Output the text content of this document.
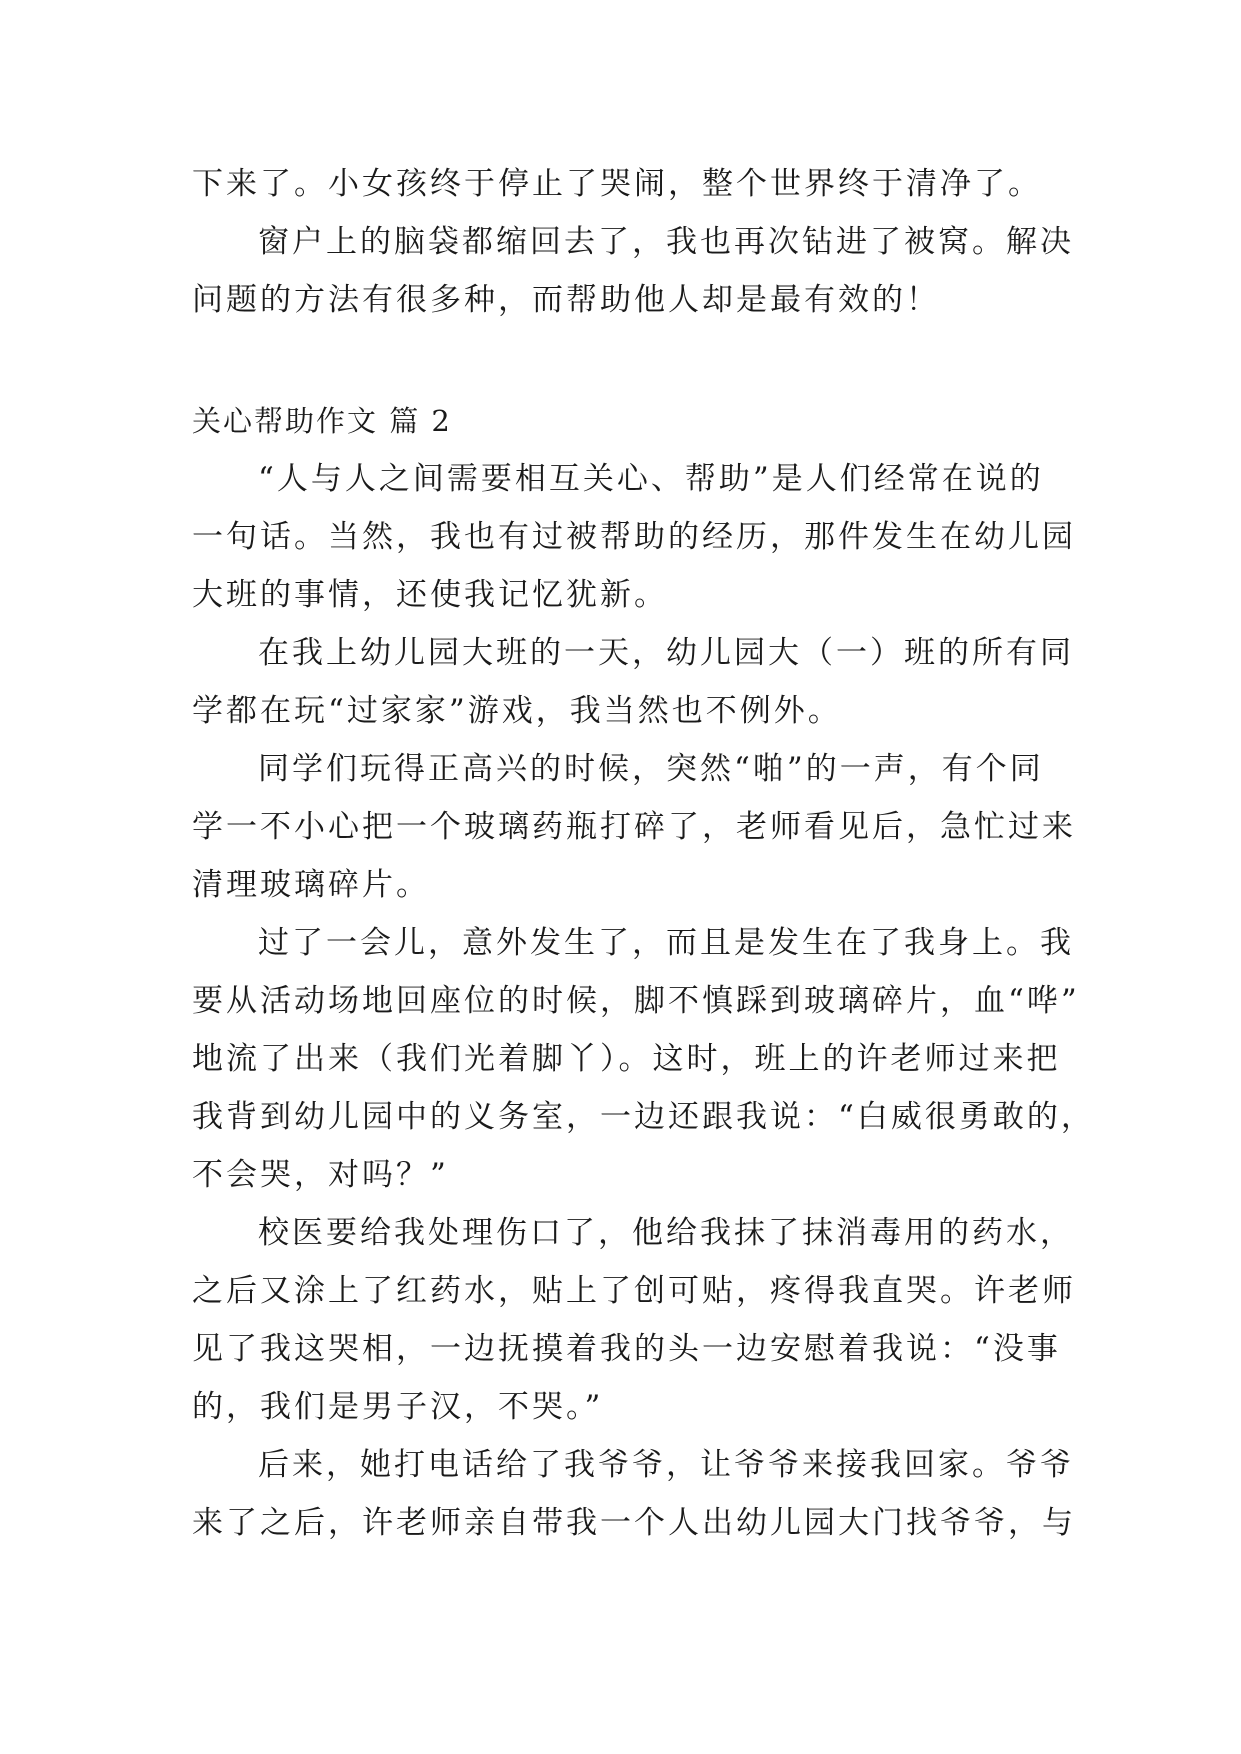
下来了。小女孩终于停止了哭闹，整个世界终于清净了。
窗户上的脑袋都缩回去了，我也再次钻进了被窝。解决
问题的方法有很多种，而帮助他人却是最有效的！
关心帮助作文 篇 2
“人与人之间需要相互关心、帮助”是人们经常在说的
一句话。当然，我也有过被帮助的经历，那件发生在幼儿园
大班的事情，还使我记忆犹新。
在我上幼儿园大班的一天，幼儿园大（一）班的所有同
学都在玩“过家家”游戏，我当然也不例外。
同学们玩得正高兴的时候，突然“啪”的一声，有个同
学一不小心把一个玻璃药瓶打碎了，老师看见后，急忙过来
清理玻璃碎片。
过了一会儿，意外发生了，而且是发生在了我身上。我
要从活动场地回座位的时候，脚不慎踩到玻璃碎片，血“哗”
地流了出来（我们光着脚丫）。这时，班上的许老师过来把
我背到幼儿园中的义务室，一边还跟我说：“白威很勇敢的，
不会哭，对吗？”
校医要给我处理伤口了，他给我抹了抹消毒用的药水，
之后又涂上了红药水，贴上了创可贴，疼得我直哭。许老师
见了我这哭相，一边抚摸着我的头一边安慰着我说：“没事
的，我们是男子汉，不哭。”
后来，她打电话给了我爷爷，让爷爷来接我回家。爷爷
来了之后，许老师亲自带我一个人出幼儿园大门找爷爷，与
